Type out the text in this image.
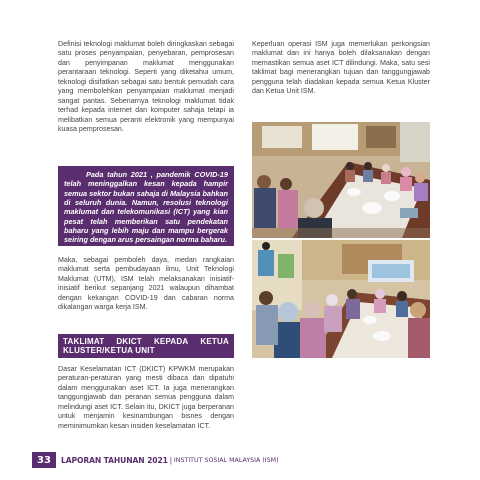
Definisi teknologi maklumat boleh diringkaskan sebagai satu proses penyampaian, penyebaran, pemprosesan dan penyimpanan maklumat menggunakan perantaraan teknologi. Seperti yang diketahui umum, teknologi disifatkan sebagai satu bentuk pemudah cara yang membolehkan penyampaian maklumat menjadi sangat pantas. Sebenarnya teknologi maklumat tidak terhad kepada internet dan komputer sahaja tetapi ia melibatkan semua peranti elektronik yang mempunyai kuasa pemprosesan.

Pada tahun 2021 , pandemik COVID-19 telah meninggalkan kesan kepada hampir semua sektor bukan sahaja di Malaysia bahkan di seluruh dunia. Namun, resolusi teknologi maklumat dan telekomunikasi (ICT) yang kian pesat telah memberikan satu pendekatan baharu yang lebih maju dan mampu bergerak seiring dengan arus persaingan norma baharu.

Maka, sebagai pemboleh daya, medan rangkaian maklumat serta pembudayaan ilmu, Unit Teknologi Maklumat (UTM), ISM telah melaksanakan inisiatif-inisiatif berikut sepanjang 2021 walaupun dihambat dengan kekangan COVID-19 dan cabaran norma dikalangan warga kerja ISM.

TAKLIMAT DKICT KEPADA KETUA
KLUSTER/KETUA UNIT

Dasar Keselamatan ICT (DKICT) KPWKM merupakan peraturan-peraturan yang mesti dibaca dan dipatuhi dalam menggunakan aset ICT. Ia juga menerangkan tanggungjawab dan peranan semua pengguna dalam melindungi aset ICT. Selain itu, DKICT juga berperanan untuk menjamin kesinambungan bisnes dengan meminimumkan kesan insiden keselamatan ICT.

Keperluan operasi ISM juga memerlukan perkongsian maklumat dan ini hanya boleh dilaksanakan dengan memastikan semua aset ICT dilindungi. Maka, satu sesi taklimat bagi menerangkan tujuan dan tanggungjawab pengguna telah diadakan kepada semua Ketua Kluster dan Ketua Unit ISM.

33	LAPORAN TAHUNAN 2021 | INSTITUT SOSIAL MALAYSIA (ISM)
